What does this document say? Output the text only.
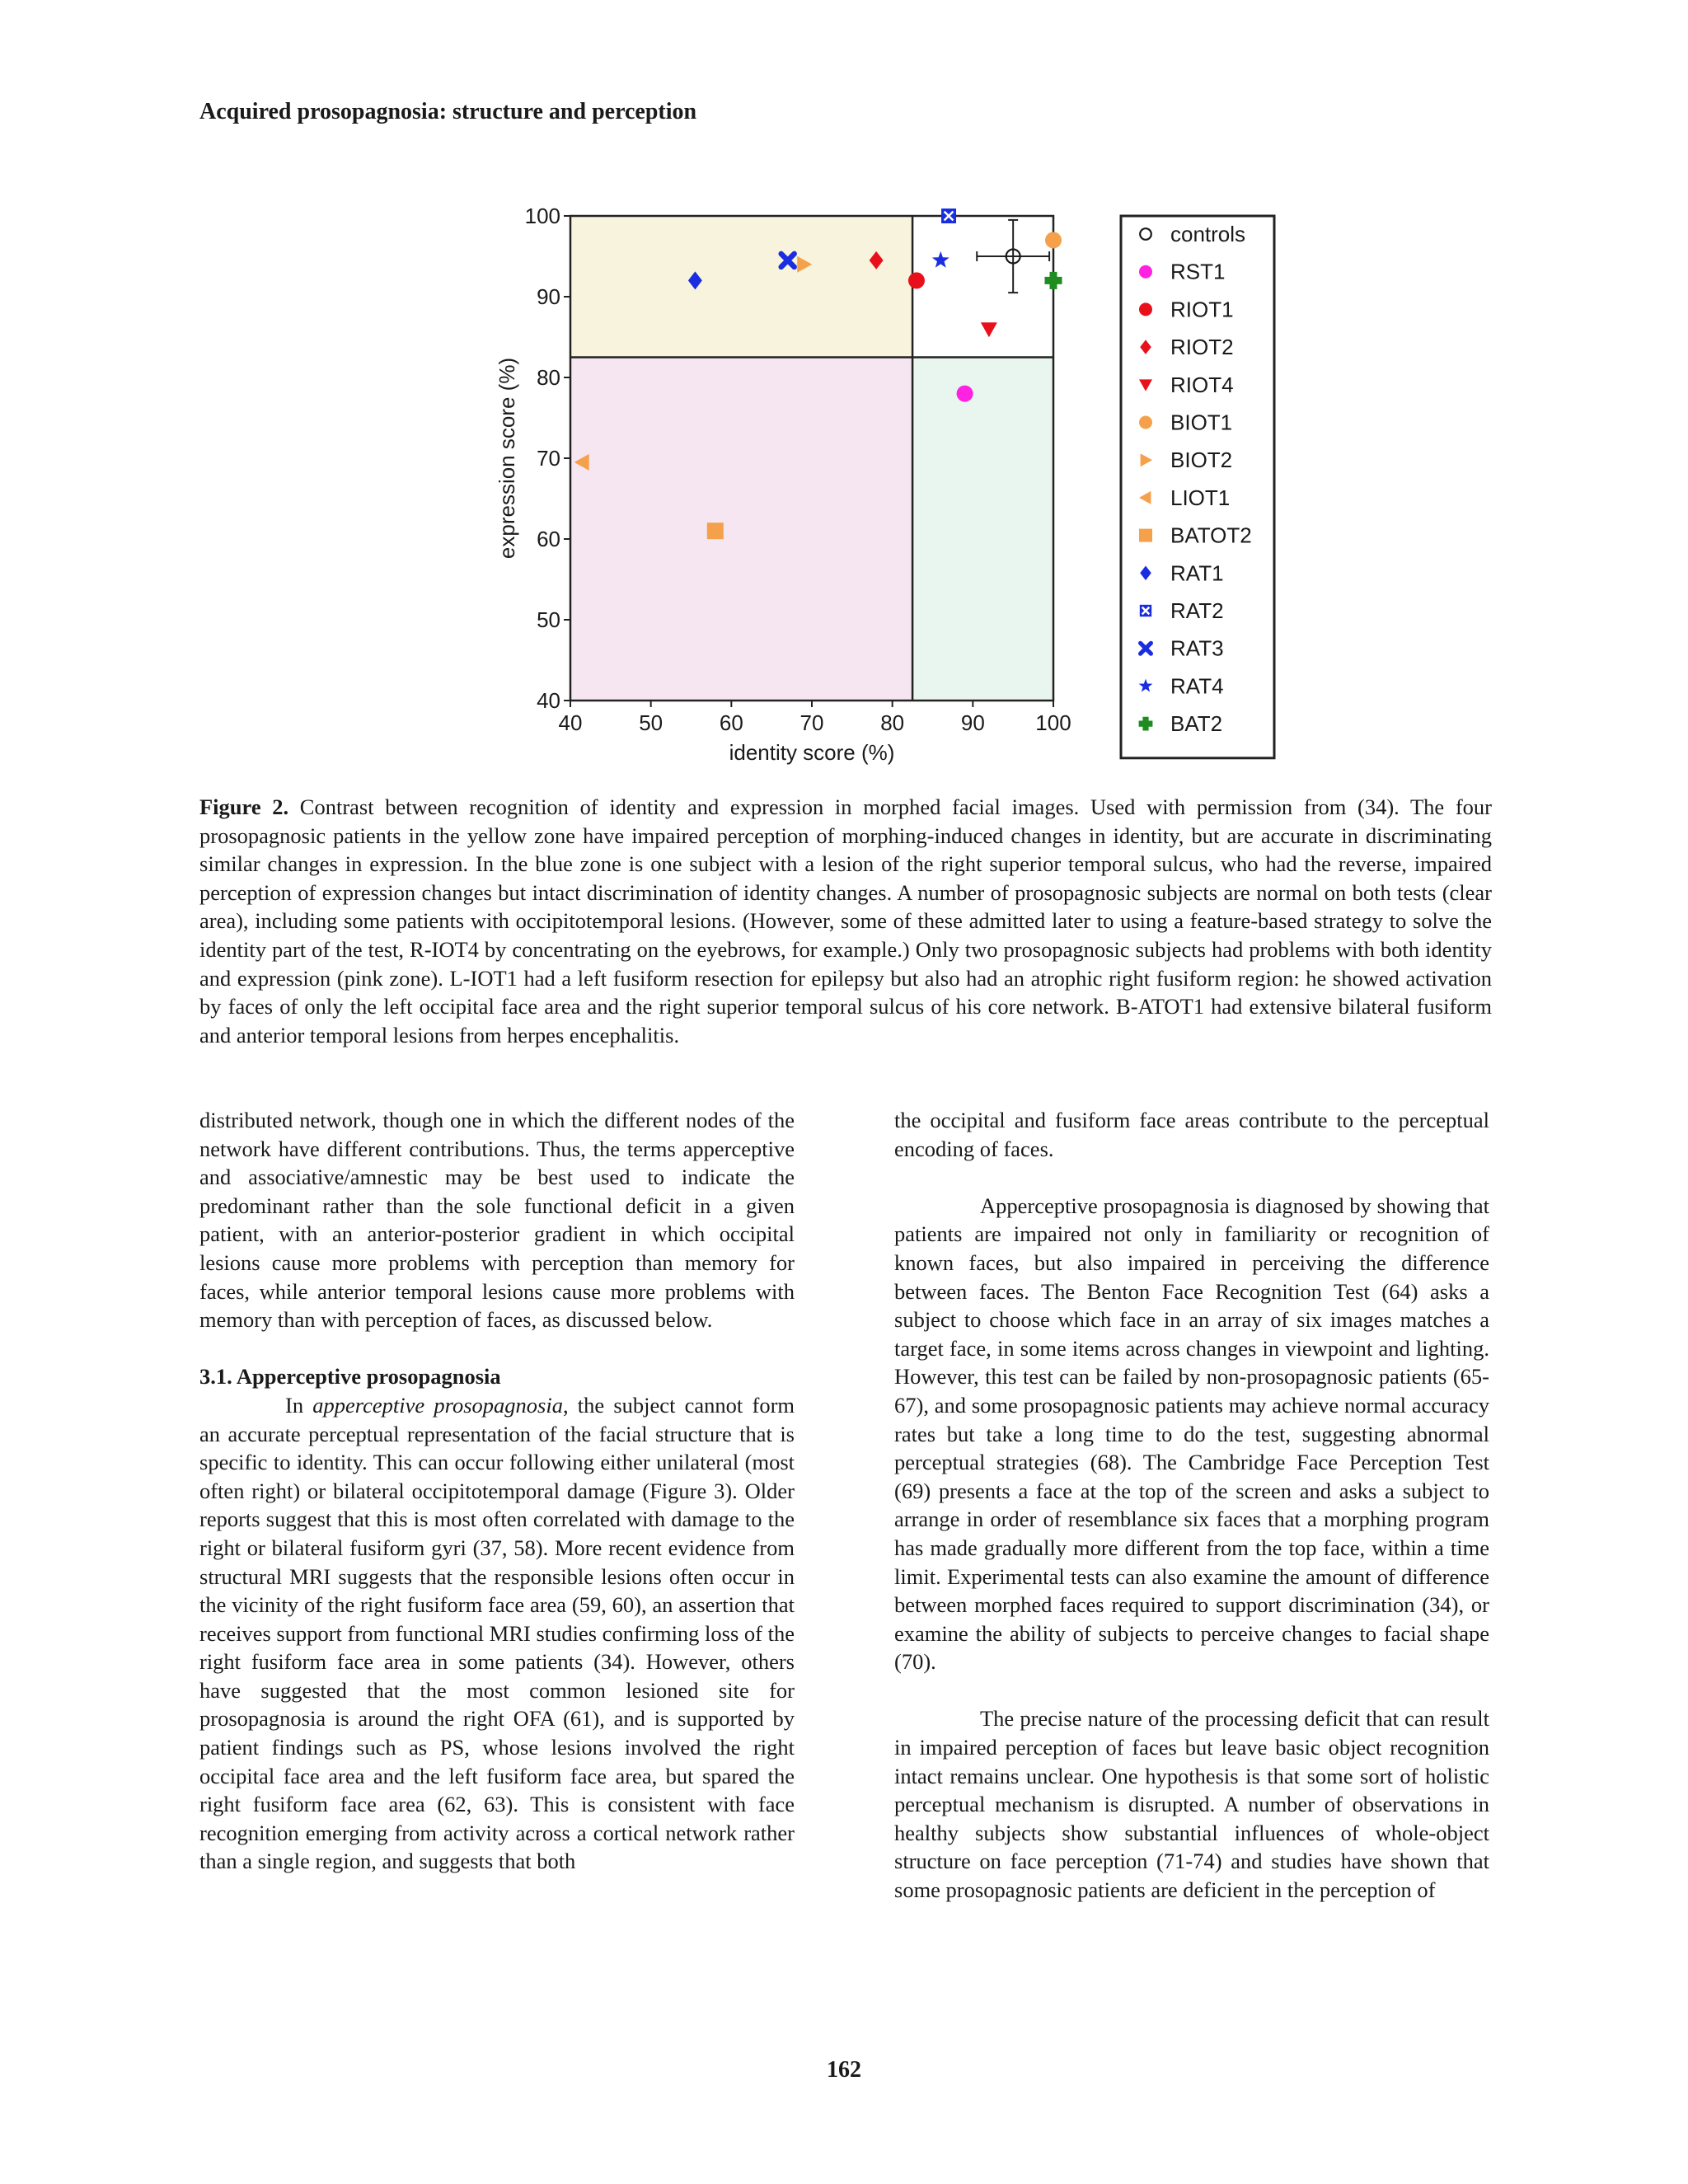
Acquired prosopagnosia: structure and perception
40	50	60	70	80	90 100
40
50
60
70
80
90
100
identity score (%)
expression score (%)
controls
RST1
RIOT1
RIOT2
RIOT4
BIOT1
BIOT2
LIOT1
BATOT2
RAT1
RAT2
RAT3
RAT4
BAT2
Figure 2. Contrast between recognition of identity and expression in morphed facial images. Used with permission from (34). The four prosopagnosic patients in the yellow zone have impaired perception of morphing-induced changes in identity, but are accurate in discriminating similar changes in expression. In the blue zone is one subject with a lesion of the right superior temporal sulcus, who had the reverse, impaired perception of expression changes but intact discrimination of identity changes. A number of prosopagnosic subjects are normal on both tests (clear area), including some patients with occipitotemporal lesions. (However, some of these admitted later to using a feature-based strategy to solve the identity part of the test, R-IOT4 by concentrating on the eyebrows, for example.) Only two prosopagnosic subjects had problems with both identity and expression (pink zone). L-IOT1 had a left fusiform resection for epilepsy but also had an atrophic right fusiform region: he showed activation by faces of only the left occipital face area and the right superior temporal sulcus of his core network. B-ATOT1 had extensive bilateral fusiform and anterior temporal lesions from herpes encephalitis.

distributed network, though one in which the different nodes of the network have different contributions. Thus, the terms apperceptive and associative/amnestic may be best used to indicate the predominant rather than the sole functional deficit in a given patient, with an anterior-posterior gradient in which occipital lesions cause more problems with perception than memory for faces, while anterior temporal lesions cause more problems with memory than with perception of faces, as discussed below.

3.1. Apperceptive prosopagnosia

In apperceptive prosopagnosia, the subject cannot form an accurate perceptual representation of the facial structure that is specific to identity. This can occur following either unilateral (most often right) or bilateral occipitotemporal damage (Figure 3). Older reports suggest that this is most often correlated with damage to the right or bilateral fusiform gyri (37, 58). More recent evidence from structural MRI suggests that the responsible lesions often occur in the vicinity of the right fusiform face area (59, 60), an assertion that receives support from functional MRI studies confirming loss of the right fusiform face area in some patients (34). However, others have suggested that the most common lesioned site for prosopagnosia is around the right OFA (61), and is supported by patient findings such as PS, whose lesions involved the right occipital face area and the left fusiform face area, but spared the right fusiform face area (62, 63). This is consistent with face recognition emerging from activity across a cortical network rather than a single region, and suggests that both

the occipital and fusiform face areas contribute to the perceptual encoding of faces.

Apperceptive prosopagnosia is diagnosed by showing that patients are impaired not only in familiarity or recognition of known faces, but also impaired in perceiving the difference between faces. The Benton Face Recognition Test (64) asks a subject to choose which face in an array of six images matches a target face, in some items across changes in viewpoint and lighting. However, this test can be failed by non-prosopagnosic patients (65-67), and some prosopagnosic patients may achieve normal accuracy rates but take a long time to do the test, suggesting abnormal perceptual strategies (68). The Cambridge Face Perception Test (69) presents a face at the top of the screen and asks a subject to arrange in order of resemblance six faces that a morphing program has made gradually more different from the top face, within a time limit. Experimental tests can also examine the amount of difference between morphed faces required to support discrimination (34), or examine the ability of subjects to perceive changes to facial shape (70).

The precise nature of the processing deficit that can result in impaired perception of faces but leave basic object recognition intact remains unclear. One hypothesis is that some sort of holistic perceptual mechanism is disrupted. A number of observations in healthy subjects show substantial influences of whole-object structure on face perception (71-74) and studies have shown that some prosopagnosic patients are deficient in the perception of

162
